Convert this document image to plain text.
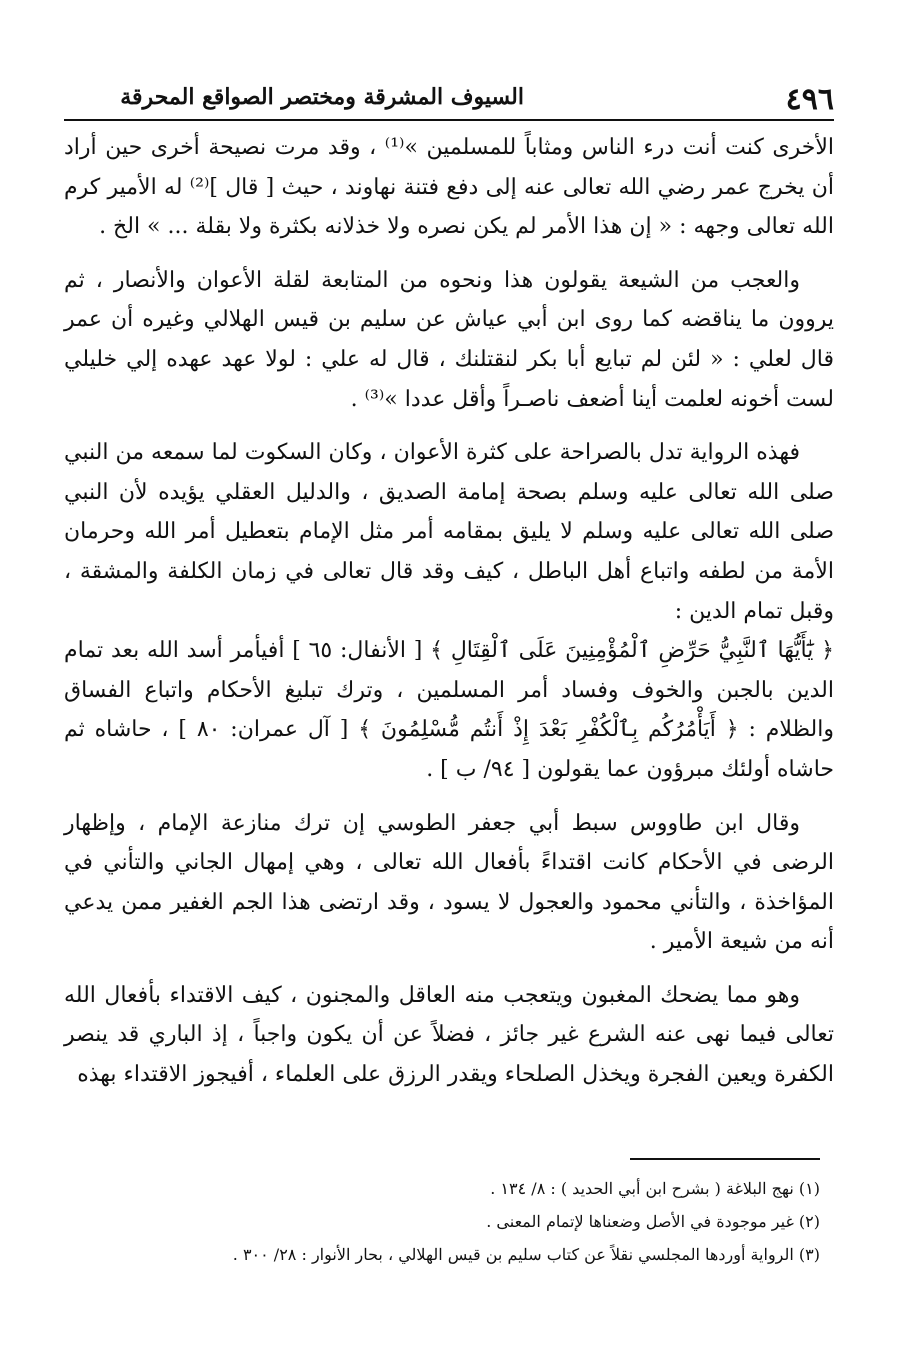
٤٩٦
السيوف المشرقة ومختصر الصواقع المحرقة

الأخرى كنت أنت درء الناس ومثاباً للمسلمين »⁽¹⁾ ، وقد مرت نصيحة أخرى حين أراد أن يخرج عمر رضي الله تعالى عنه إلى دفع فتنة نهاوند ، حيث [ قال ]⁽²⁾ له الأمير كرم الله تعالى وجهه : « إن هذا الأمر لم يكن نصره ولا خذلانه بكثرة ولا بقلة ... » الخ .

والعجب من الشيعة يقولون هذا ونحوه من المتابعة لقلة الأعوان والأنصار ، ثم يروون ما يناقضه كما روى ابن أبي عياش عن سليم بن قيس الهلالي وغيره أن عمر قال لعلي : « لئن لم تبايع أبا بكر لنقتلنك ، قال له علي : لولا عهد عهده إلي خليلي لست أخونه لعلمت أينا أضعف ناصـراً وأقل عددا »⁽³⁾ .

فهذه الرواية تدل بالصراحة على كثرة الأعوان ، وكان السكوت لما سمعه من النبي صلى الله تعالى عليه وسلم بصحة إمامة الصديق ، والدليل العقلي يؤيده لأن النبي صلى الله تعالى عليه وسلم لا يليق بمقامه أمر مثل الإمام بتعطيل أمر الله وحرمان الأمة من لطفه واتباع أهل الباطل ، كيف وقد قال تعالى في زمان الكلفة والمشقة ، وقبل تمام الدين :

﴿ يَٰٓأَيُّهَا ٱلنَّبِيُّ حَرِّضِ ٱلْمُؤْمِنِينَ عَلَى ٱلْقِتَالِ ﴾ [ الأنفال: ٦٥ ] أفيأمر أسد الله بعد تمام الدين بالجبن والخوف وفساد أمر المسلمين ، وترك تبليغ الأحكام واتباع الفساق والظلام : ﴿ أَيَأْمُرُكُم بِٱلْكُفْرِ بَعْدَ إِذْ أَنتُم مُّسْلِمُونَ ﴾ [ آل عمران: ٨٠ ] ، حاشاه ثم حاشاه أولئك مبرؤون عما يقولون [ ٩٤/ ب ] .

وقال ابن طاووس سبط أبي جعفر الطوسي إن ترك منازعة الإمام ، وإظهار الرضى في الأحكام كانت اقتداءً بأفعال الله تعالى ، وهي إمهال الجاني والتأني في المؤاخذة ، والتأني محمود والعجول لا يسود ، وقد ارتضى هذا الجم الغفير ممن يدعي أنه من شيعة الأمير .

وهو مما يضحك المغبون ويتعجب منه العاقل والمجنون ، كيف الاقتداء بأفعال الله تعالى فيما نهى عنه الشرع غير جائز ، فضلاً عن أن يكون واجباً ، إذ الباري قد ينصر الكفرة ويعين الفجرة ويخذل الصلحاء ويقدر الرزق على العلماء ، أفيجوز الاقتداء بهذه

(١) نهج البلاغة ( بشرح ابن أبي الحديد ) : ٨/ ١٣٤ .
(٢) غير موجودة في الأصل وضعناها لإتمام المعنى .
(٣) الرواية أوردها المجلسي نقلاً عن كتاب سليم بن قيس الهلالي ، بحار الأنوار : ٢٨/ ٣٠٠ .
